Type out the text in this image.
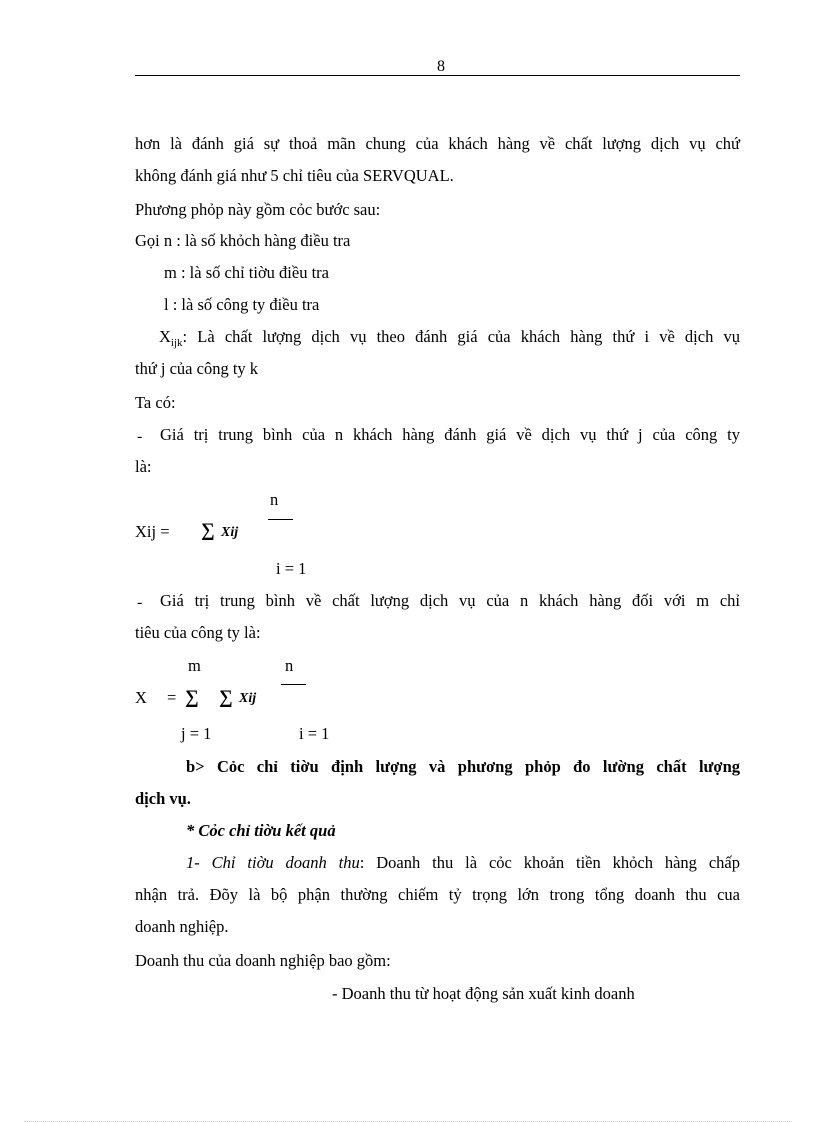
8
hơn là đánh giá sự thoả mãn chung của khách hàng về chất lượng dịch vụ chứ
không đánh giá như 5 chỉ tiêu của SERVQUAL.
Phương phỏp này gồm cỏc bước sau:
Gọi n : là số khỏch hàng điều tra
m : là số chỉ tiờu điều tra
l : là số công ty điều tra
$X_{ijk}$: Là chất lượng dịch vụ theo đánh giá của khách hàng thứ i về dịch vụ
thứ j của công ty k
Ta có:
‐ Giá trị trung bình của n khách hàng đánh giá về dịch vụ thứ j của công ty
là:
n
Xij = ∑ Xij
i = 1
‐ Giá trị trung bình về chất lượng dịch vụ của n khách hàng đối với m chỉ
tiêu của công ty là:
m	n
X = ∑ ∑ Xij
j = 1	i = 1
b> Cỏc chỉ tiờu định lượng và phương phỏp đo lường chất lượng
dịch vụ.
* Cỏc chỉ tiờu kết quả
1- Chỉ tiờu doanh thu: Doanh thu là cỏc khoản tiền khỏch hàng chấp
nhận trả. Đõy là bộ phận thường chiếm tỷ trọng lớn trong tổng doanh thu cua
doanh nghiệp.
Doanh thu của doanh nghiệp bao gồm:
- Doanh thu từ hoạt động sản xuất kinh doanh
